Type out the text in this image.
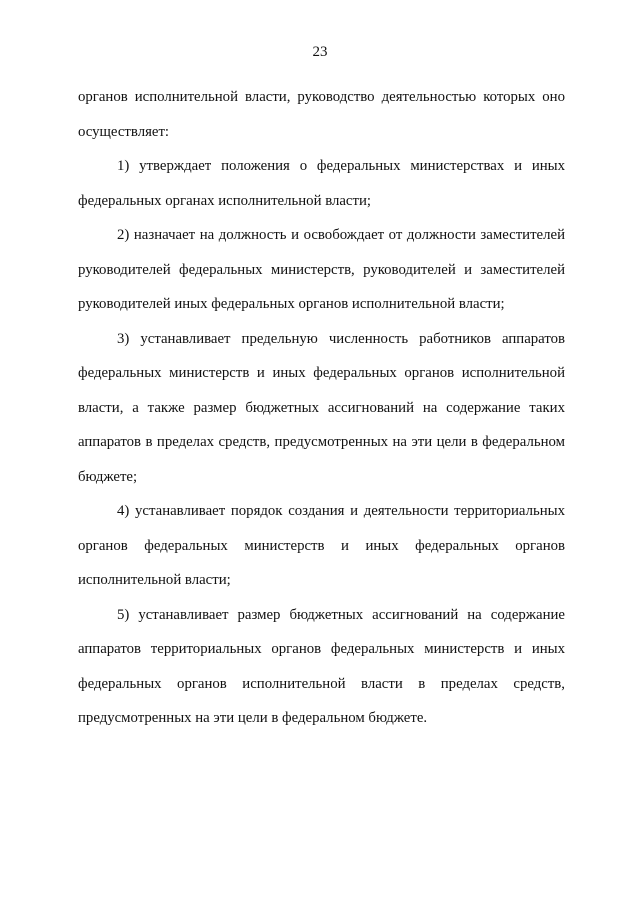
23

органов исполнительной власти, руководство деятельностью которых оно осуществляет:

1) утверждает положения о федеральных министерствах и иных федеральных органах исполнительной власти;

2) назначает на должность и освобождает от должности заместителей руководителей федеральных министерств, руководителей и заместителей руководителей иных федеральных органов исполнительной власти;

3) устанавливает предельную численность работников аппаратов федеральных министерств и иных федеральных органов исполнительной власти, а также размер бюджетных ассигнований на содержание таких аппаратов в пределах средств, предусмотренных на эти цели в федеральном бюджете;

4) устанавливает порядок создания и деятельности территориальных органов федеральных министерств и иных федеральных органов исполнительной власти;

5) устанавливает размер бюджетных ассигнований на содержание аппаратов территориальных органов федеральных министерств и иных федеральных органов исполнительной власти в пределах средств, предусмотренных на эти цели в федеральном бюджете.
